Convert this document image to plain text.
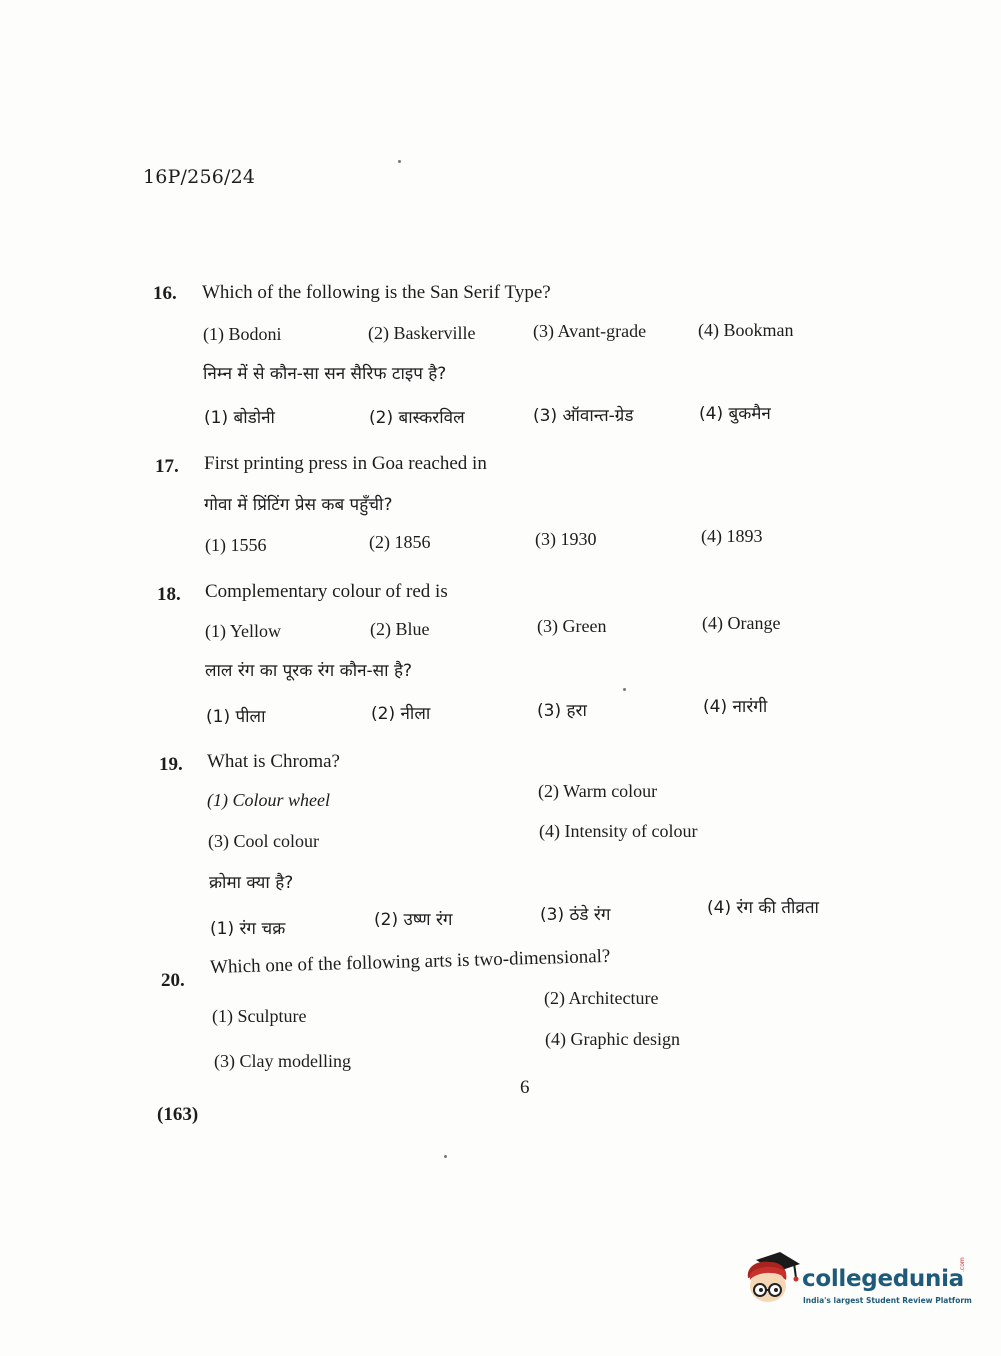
16P/256/24
16. Which of the following is the San Serif Type?
(1) Bodoni	(2) Baskerville	(3) Avant-grade	(4) Bookman
निम्न में से कौन-सा सन सैरिफ टाइप है?
(1) बोडोनी	(2) बास्करविल	(3) ऑवान्त-ग्रेड	(4) बुकमैन
17. First printing press in Goa reached in
गोवा में प्रिंटिंग प्रेस कब पहुँची?
(1) 1556	(2) 1856	(3) 1930	(4) 1893
18. Complementary colour of red is
(1) Yellow	(2) Blue	(3) Green	(4) Orange
लाल रंग का पूरक रंग कौन-सा है?
(1) पीला	(2) नीला	(3) हरा	(4) नारंगी
19. What is Chroma?
(1) Colour wheel	(2) Warm colour
(3) Cool colour	(4) Intensity of colour
क्रोमा क्या है?
(1) रंग चक्र	(2) उष्ण रंग	(3) ठंडे रंग	(4) रंग की तीव्रता
20.
Which one of the following arts is two-dimensional?
(1) Sculpture
(2) Architecture
(3) Clay modelling
(4) Graphic design
6
(163)
collegedunia
.com
India's largest Student Review Platform
